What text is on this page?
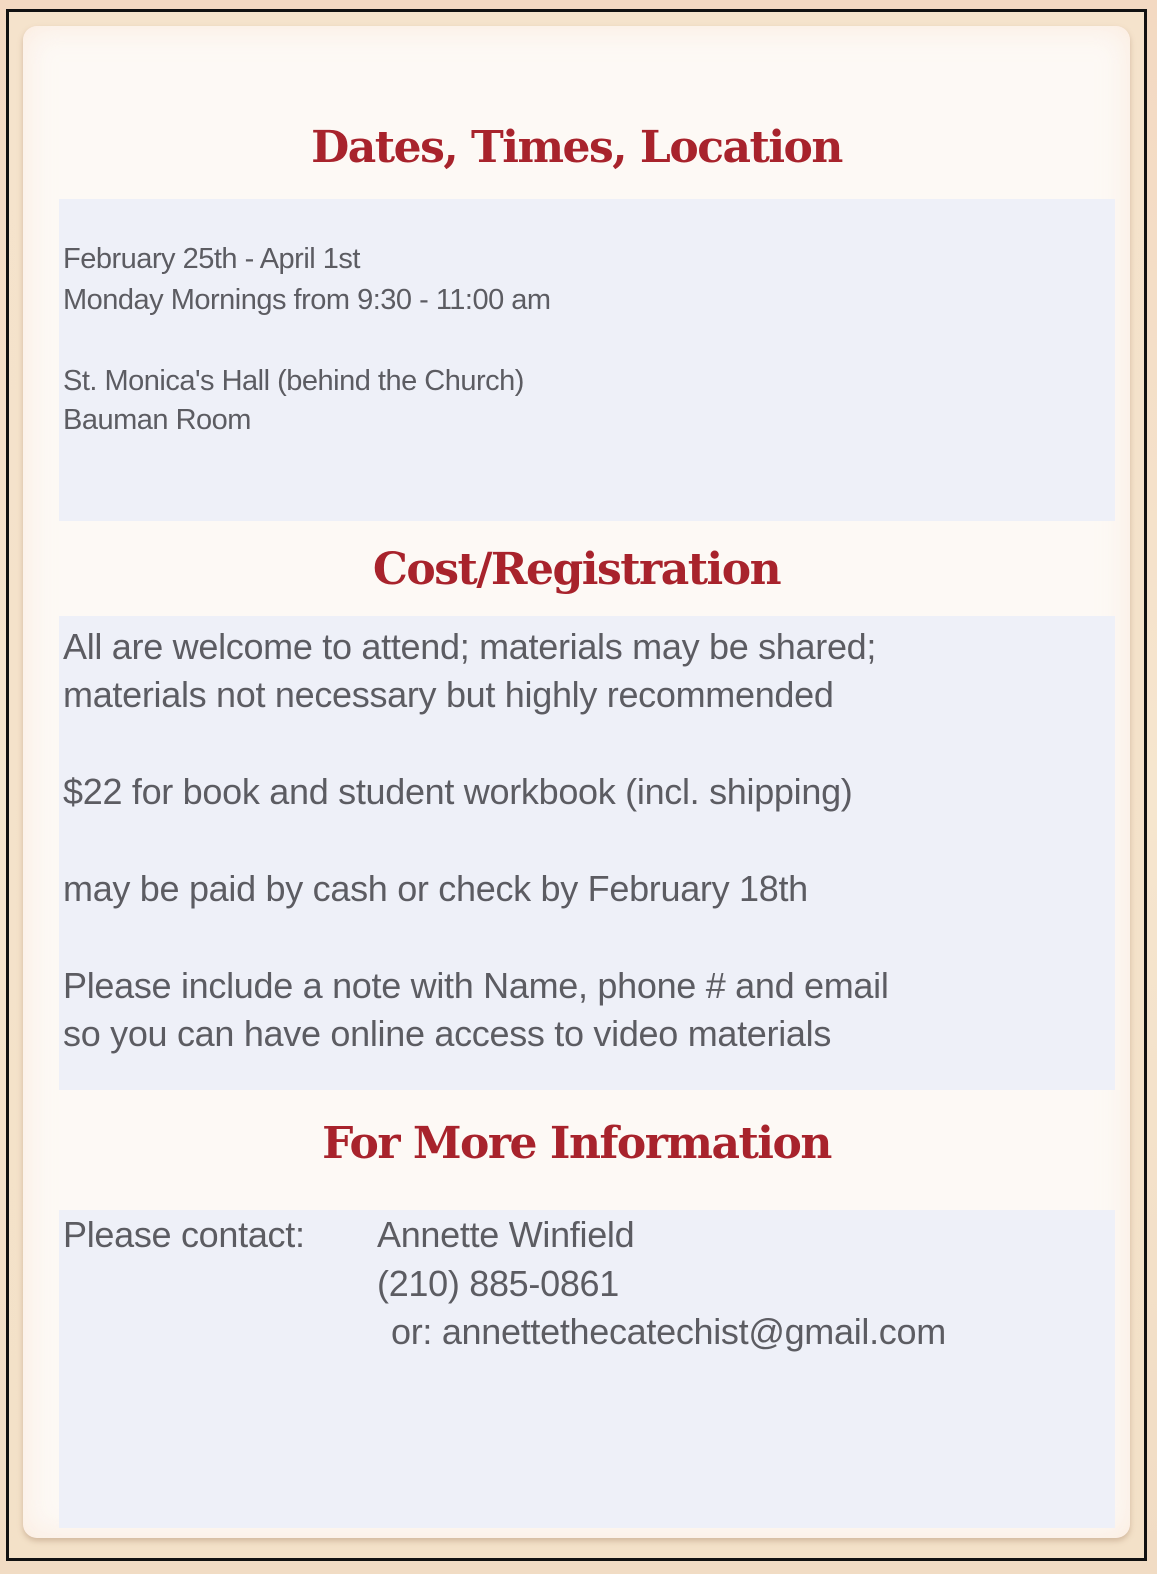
Dates, Times, Location
February 25th - April 1st
Monday Mornings from 9:30 - 11:00 am
St. Monica's Hall (behind the Church)
Bauman Room
Cost/Registration
All are welcome to attend; materials may be shared;
materials not necessary but highly recommended
$22 for book and student workbook (incl. shipping)
may be paid by cash or check by February 18th
Please include a note with Name, phone # and email
so you can have online access to video materials
For More Information
Please contact: Annette Winfield
(210) 885-0861
or: annettethecatechist@gmail.com
